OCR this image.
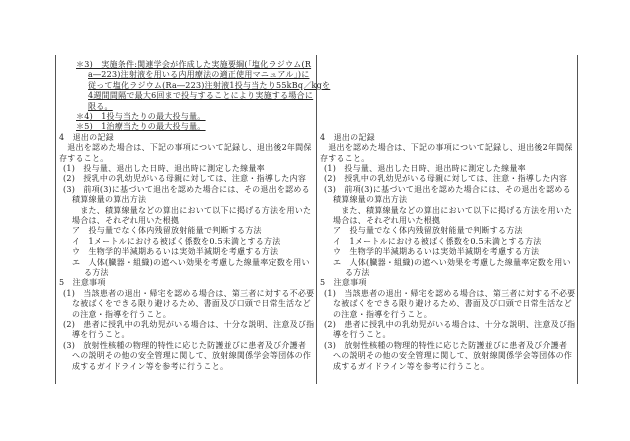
＊3)　実施条件:関連学会が作成した実施要綱(「塩化ラジウム(R
a―223)注射液を用いる内用療法の適正使用マニュアル」)に
従って塩化ラジウム(Ra―223)注射液1投与当たり55kBq／kgを
4週間間隔で最大6回まで投与することにより実施する場合に
限る。
＊4)　1投与当たりの最大投与量。
＊5)　1治療当たりの最大投与量。
4　退出の記録
　退出を認めた場合は、下記の事項について記録し、退出後2年間保
存すること。
(1)　投与量、退出した日時、退出時に測定した線量率
(2)　授乳中の乳幼児がいる母親に対しては、注意・指導した内容
(3)　前項(3)に基づいて退出を認めた場合には、その退出を認める
積算線量の算出方法
　また、積算線量などの算出において以下に掲げる方法を用いた
場合は、それぞれ用いた根拠
ア　投与量でなく体内残留放射能量で判断する方法
イ　1メートルにおける被ばく係数を0.5未満とする方法
ウ　生物学的半減期あるいは実効半減期を考慮する方法
エ　人体(臓器・組織)の遮へい効果を考慮した線量率定数を用い
る方法
5　注意事項
(1)　当該患者の退出・帰宅を認める場合は、第三者に対する不必要
な被ばくをできる限り避けるため、書面及び口頭で日常生活など
の注意・指導を行うこと。
(2)　患者に授乳中の乳幼児がいる場合は、十分な説明、注意及び指
導を行うこと。
(3)　放射性核種の物理的特性に応じた防護並びに患者及び介護者
への説明その他の安全管理に関して、放射線関係学会等団体の作
成するガイドライン等を参考に行うこと。
4　退出の記録
　退出を認めた場合は、下記の事項について記録し、退出後2年間保
存すること。
(1)　投与量、退出した日時、退出時に測定した線量率
(2)　授乳中の乳幼児がいる母親に対しては、注意・指導した内容
(3)　前項(3)に基づいて退出を認めた場合には、その退出を認める
積算線量の算出方法
　また、積算線量などの算出において以下に掲げる方法を用いた
場合は、それぞれ用いた根拠
ア　投与量でなく体内残留放射能量で判断する方法
イ　1メートルにおける被ばく係数を0.5未満とする方法
ウ　生物学的半減期あるいは実効半減期を考慮する方法
エ　人体(臓器・組織)の遮へい効果を考慮した線量率定数を用い
る方法
5　注意事項
(1)　当該患者の退出・帰宅を認める場合は、第三者に対する不必要
な被ばくをできる限り避けるため、書面及び口頭で日常生活など
の注意・指導を行うこと。
(2)　患者に授乳中の乳幼児がいる場合は、十分な説明、注意及び指
導を行うこと。
(3)　放射性核種の物理的特性に応じた防護並びに患者及び介護者
への説明その他の安全管理に関して、放射線関係学会等団体の作
成するガイドライン等を参考に行うこと。
